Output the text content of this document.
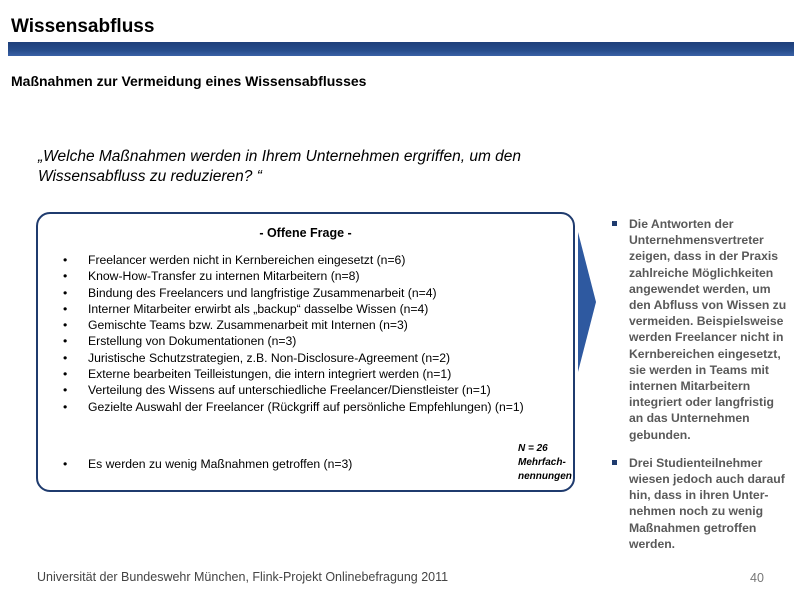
Wissensabfluss
Maßnahmen zur Vermeidung eines Wissensabflusses
„Welche Maßnahmen werden in Ihrem Unternehmen ergriffen, um den Wissensabfluss zu reduzieren? “
- Offene Frage -
• Freelancer werden nicht in Kernbereichen eingesetzt (n=6)
• Know-How-Transfer zu internen Mitarbeitern (n=8)
• Bindung des Freelancers und langfristige Zusammenarbeit (n=4)
• Interner Mitarbeiter erwirbt als „backup“ dasselbe Wissen (n=4)
• Gemischte Teams bzw. Zusammenarbeit mit Internen (n=3)
• Erstellung von Dokumentationen (n=3)
• Juristische Schutzstrategien, z.B. Non-Disclosure-Agreement (n=2)
• Externe bearbeiten Teilleistungen, die intern integriert werden (n=1)
• Verteilung des Wissens auf unterschiedliche Freelancer/Dienstleister (n=1)
• Gezielte Auswahl der Freelancer (Rückgriff auf persönliche Empfehlungen) (n=1)
• Es werden zu wenig Maßnahmen getroffen (n=3)
N = 26
Mehrfach-nennungen
Die Antworten der Unternehmensvertreter zeigen, dass in der Praxis zahlreiche Möglichkeiten angewendet werden, um den Abfluss von Wissen zu vermeiden. Beispielsweise werden Freelancer nicht in Kernbereichen eingesetzt, sie werden in Teams mit internen Mitarbeitern integriert oder langfristig an das Unternehmen gebunden.
Drei Studienteilnehmer wiesen jedoch auch darauf hin, dass in ihren Unter-nehmen noch zu wenig Maßnahmen getroffen werden.
Universität der Bundeswehr München, Flink-Projekt Onlinebefragung 2011	40
